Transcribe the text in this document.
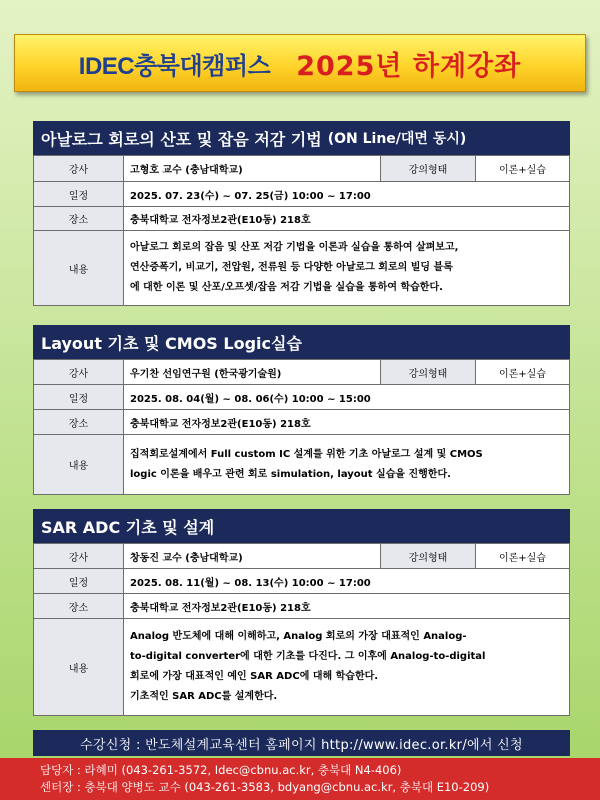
IDEC충북대캠퍼스 2025년 하계강좌
아날로그 회로의 산포 및 잡음 저감 기법 (ON Line/대면 동시)
강사	고형호 교수 (충남대학교)	강의형태	이론+실습
일정	2025. 07. 23(수) ~ 07. 25(금) 10:00 ~ 17:00		
장소	충북대학교 전자정보2관(E10동) 218호		
내용	아날로그 회로의 잡음 및 산포 저감 기법을 이론과 실습을 통하여 살펴보고,
연산증폭기, 비교기, 전압원, 전류원 등 다양한 아날로그 회로의 빌딩 블록
에 대한 이론 및 산포/오프셋/잡음 저감 기법을 실습을 통하여 학습한다.		
Layout 기초 및 CMOS Logic실습
강사	우기찬 선임연구원 (한국광기술원)	강의형태	이론+실습
일정	2025. 08. 04(월) ~ 08. 06(수) 10:00 ~ 15:00		
장소	충북대학교 전자정보2관(E10동) 218호		
내용	집적회로설계에서 Full custom IC 설계를 위한 기초 아날로그 설계 및 CMOS
logic 이론을 배우고 관련 회로 simulation, layout 실습을 진행한다.		
SAR ADC 기초 및 설계
강사	창동진 교수 (충남대학교)	강의형태	이론+실습
일정	2025. 08. 11(월) ~ 08. 13(수) 10:00 ~ 17:00		
장소	충북대학교 전자정보2관(E10동) 218호		
내용	Analog 반도체에 대해 이해하고, Analog 회로의 가장 대표적인 Analog-
to-digital converter에 대한 기초를 다진다. 그 이후에 Analog-to-digital
회로에 가장 대표적인 예인 SAR ADC에 대해 학습한다.
기초적인 SAR ADC를 설계한다.		
수강신청 :
반도체설계교육센터 홈페이지 http://www.idec.or.kr/에서 신청
담당자 : 라혜미 (043-261-3572, Idec@cbnu.ac.kr, 충북대 N4-406)
센터장 : 충북대 양병도 교수 (043-261-3583, bdyang@cbnu.ac.kr, 충북대 E10-209)
